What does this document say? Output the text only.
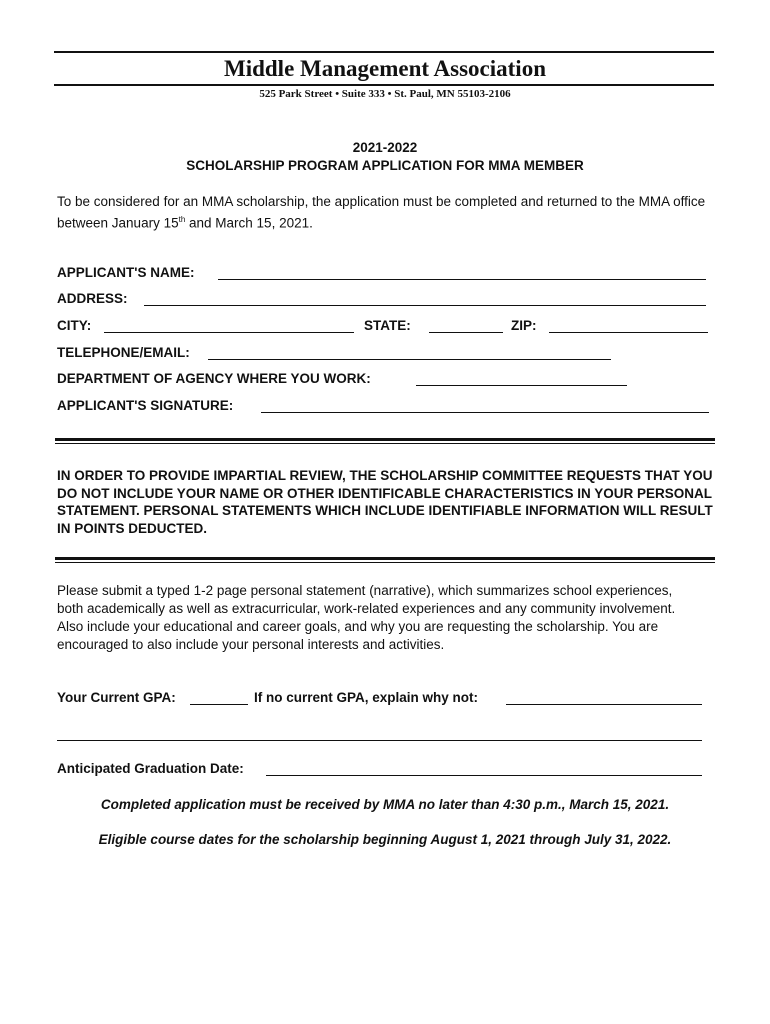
Middle Management Association
525 Park Street • Suite 333 • St. Paul, MN 55103-2106
2021-2022
SCHOLARSHIP PROGRAM APPLICATION FOR MMA MEMBER
To be considered for an MMA scholarship, the application must be completed and returned to the MMA office between January 15th and March 15, 2021.
APPLICANT'S NAME:
ADDRESS:
CITY:	STATE:	ZIP:
TELEPHONE/EMAIL:
DEPARTMENT OF AGENCY WHERE YOU WORK:
APPLICANT'S SIGNATURE:
IN ORDER TO PROVIDE IMPARTIAL REVIEW, THE SCHOLARSHIP COMMITTEE REQUESTS THAT YOU DO NOT INCLUDE YOUR NAME OR OTHER IDENTIFICABLE CHARACTERISTICS IN YOUR PERSONAL STATEMENT. PERSONAL STATEMENTS WHICH INCLUDE IDENTIFIABLE INFORMATION WILL RESULT IN POINTS DEDUCTED.
Please submit a typed 1-2 page personal statement (narrative), which summarizes school experiences, both academically as well as extracurricular, work-related experiences and any community involvement. Also include your educational and career goals, and why you are requesting the scholarship. You are encouraged to also include your personal interests and activities.
Your Current GPA:	If no current GPA, explain why not:
Anticipated Graduation Date:
Completed application must be received by MMA no later than 4:30 p.m., March 15, 2021.
Eligible course dates for the scholarship beginning August 1, 2021 through July 31, 2022.
